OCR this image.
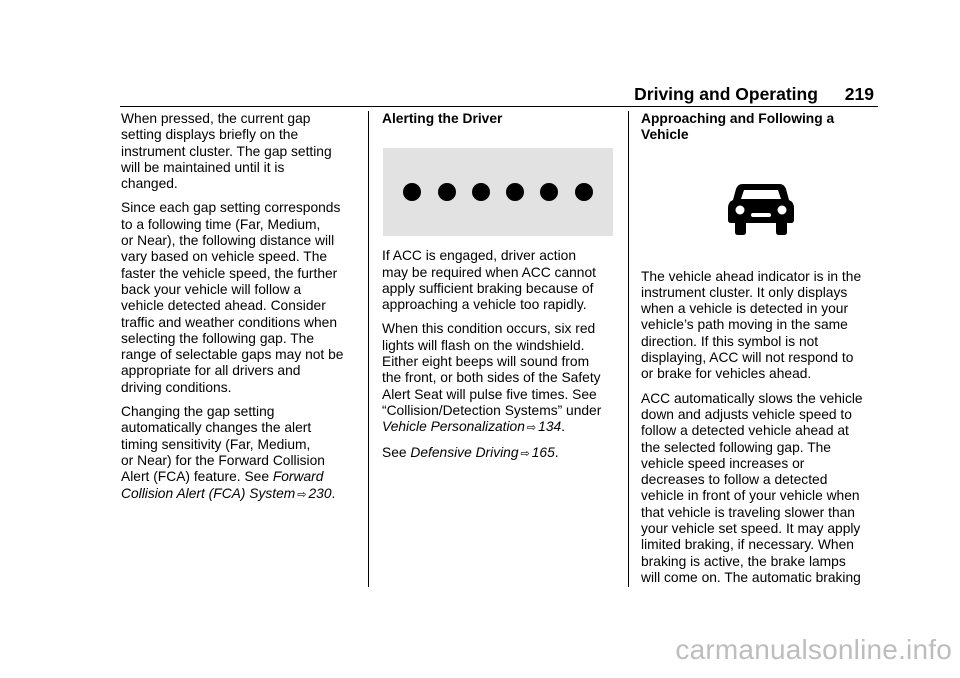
Driving and Operating 219

When pressed, the current gap
setting displays briefly on the
instrument cluster. The gap setting
will be maintained until it is
changed.

Since each gap setting corresponds
to a following time (Far, Medium,
or Near), the following distance will
vary based on vehicle speed. The
faster the vehicle speed, the further
back your vehicle will follow a
vehicle detected ahead. Consider
traffic and weather conditions when
selecting the following gap. The
range of selectable gaps may not be
appropriate for all drivers and
driving conditions.

Changing the gap setting
automatically changes the alert
timing sensitivity (Far, Medium,
or Near) for the Forward Collision
Alert (FCA) feature. See Forward
Collision Alert (FCA) System ⇨ 230.

Alerting the Driver

If ACC is engaged, driver action
may be required when ACC cannot
apply sufficient braking because of
approaching a vehicle too rapidly.

When this condition occurs, six red
lights will flash on the windshield.
Either eight beeps will sound from
the front, or both sides of the Safety
Alert Seat will pulse five times. See
“Collision/Detection Systems” under
Vehicle Personalization ⇨ 134.

See Defensive Driving ⇨ 165.

Approaching and Following a
Vehicle

The vehicle ahead indicator is in the
instrument cluster. It only displays
when a vehicle is detected in your
vehicle’s path moving in the same
direction. If this symbol is not
displaying, ACC will not respond to
or brake for vehicles ahead.

ACC automatically slows the vehicle
down and adjusts vehicle speed to
follow a detected vehicle ahead at
the selected following gap. The
vehicle speed increases or
decreases to follow a detected
vehicle in front of your vehicle when
that vehicle is traveling slower than
your vehicle set speed. It may apply
limited braking, if necessary. When
braking is active, the brake lamps
will come on. The automatic braking

carmanualsonline.info
